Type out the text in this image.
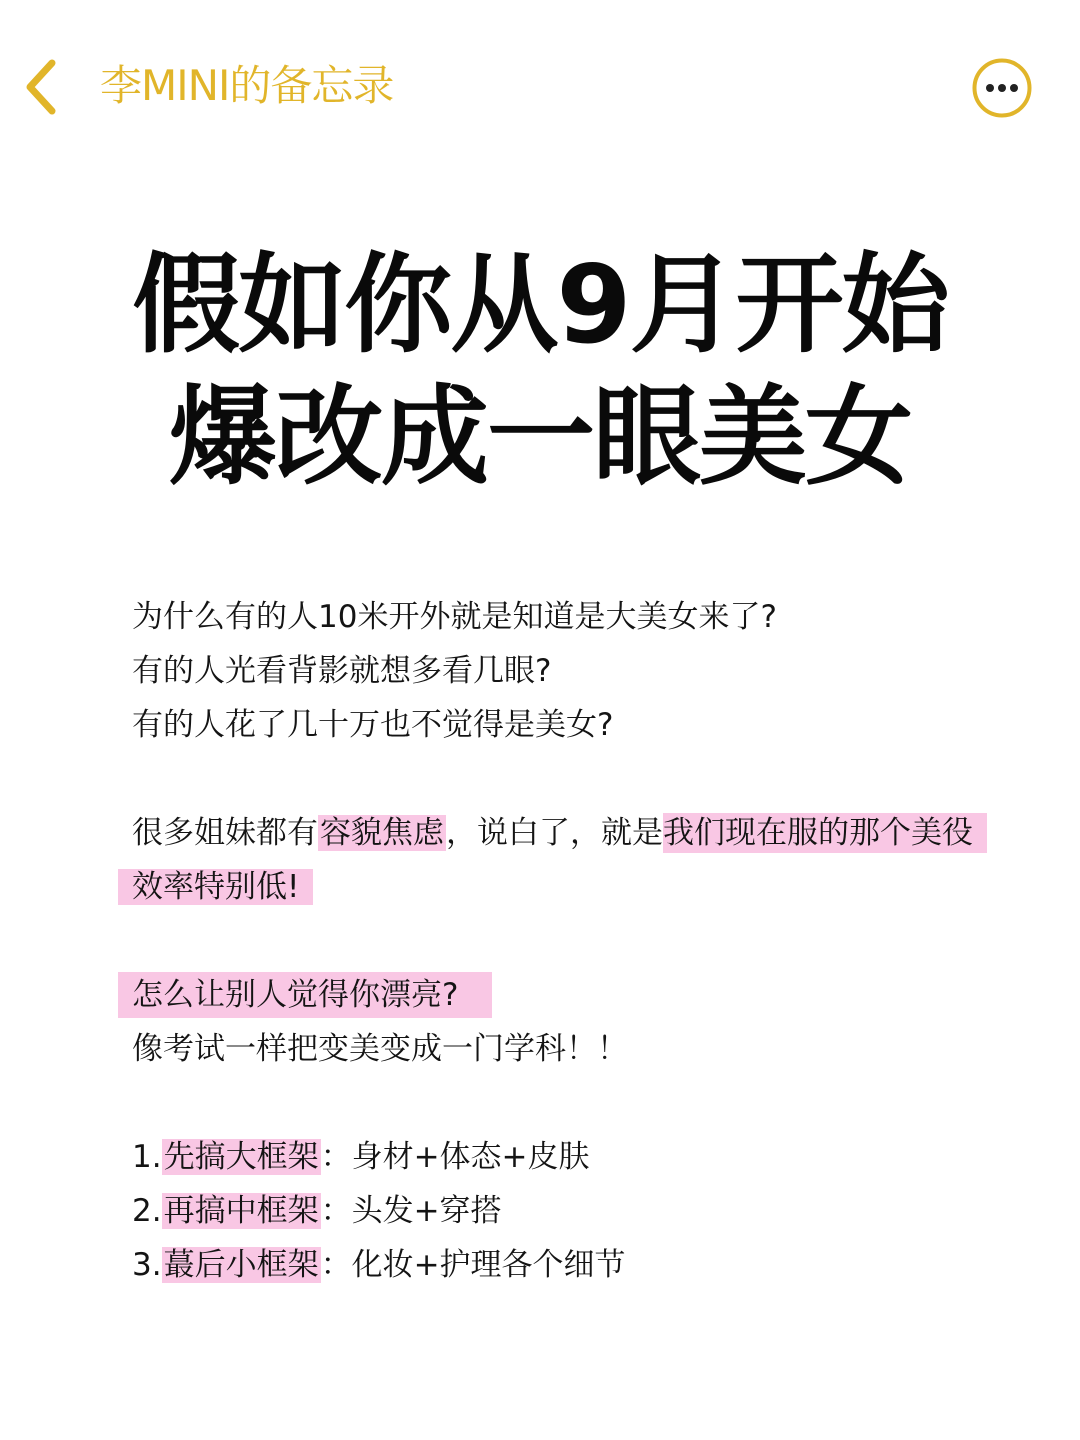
李MINI的备忘录
假如你从9月开始
爆改成一眼美女
为什么有的人10米开外就是知道是大美女来了?
有的人光看背影就想多看几眼?
有的人花了几十万也不觉得是美女?
很多姐妹都有容貌焦虑，说白了，就是我们现在服的那个美役
效率特别低!
怎么让别人觉得你漂亮?
像考试一样把变美变成一门学科！！
1.先搞大框架：身材+体态+皮肤
2.再搞中框架：头发+穿搭
3.蕞后小框架：化妆+护理各个细节
